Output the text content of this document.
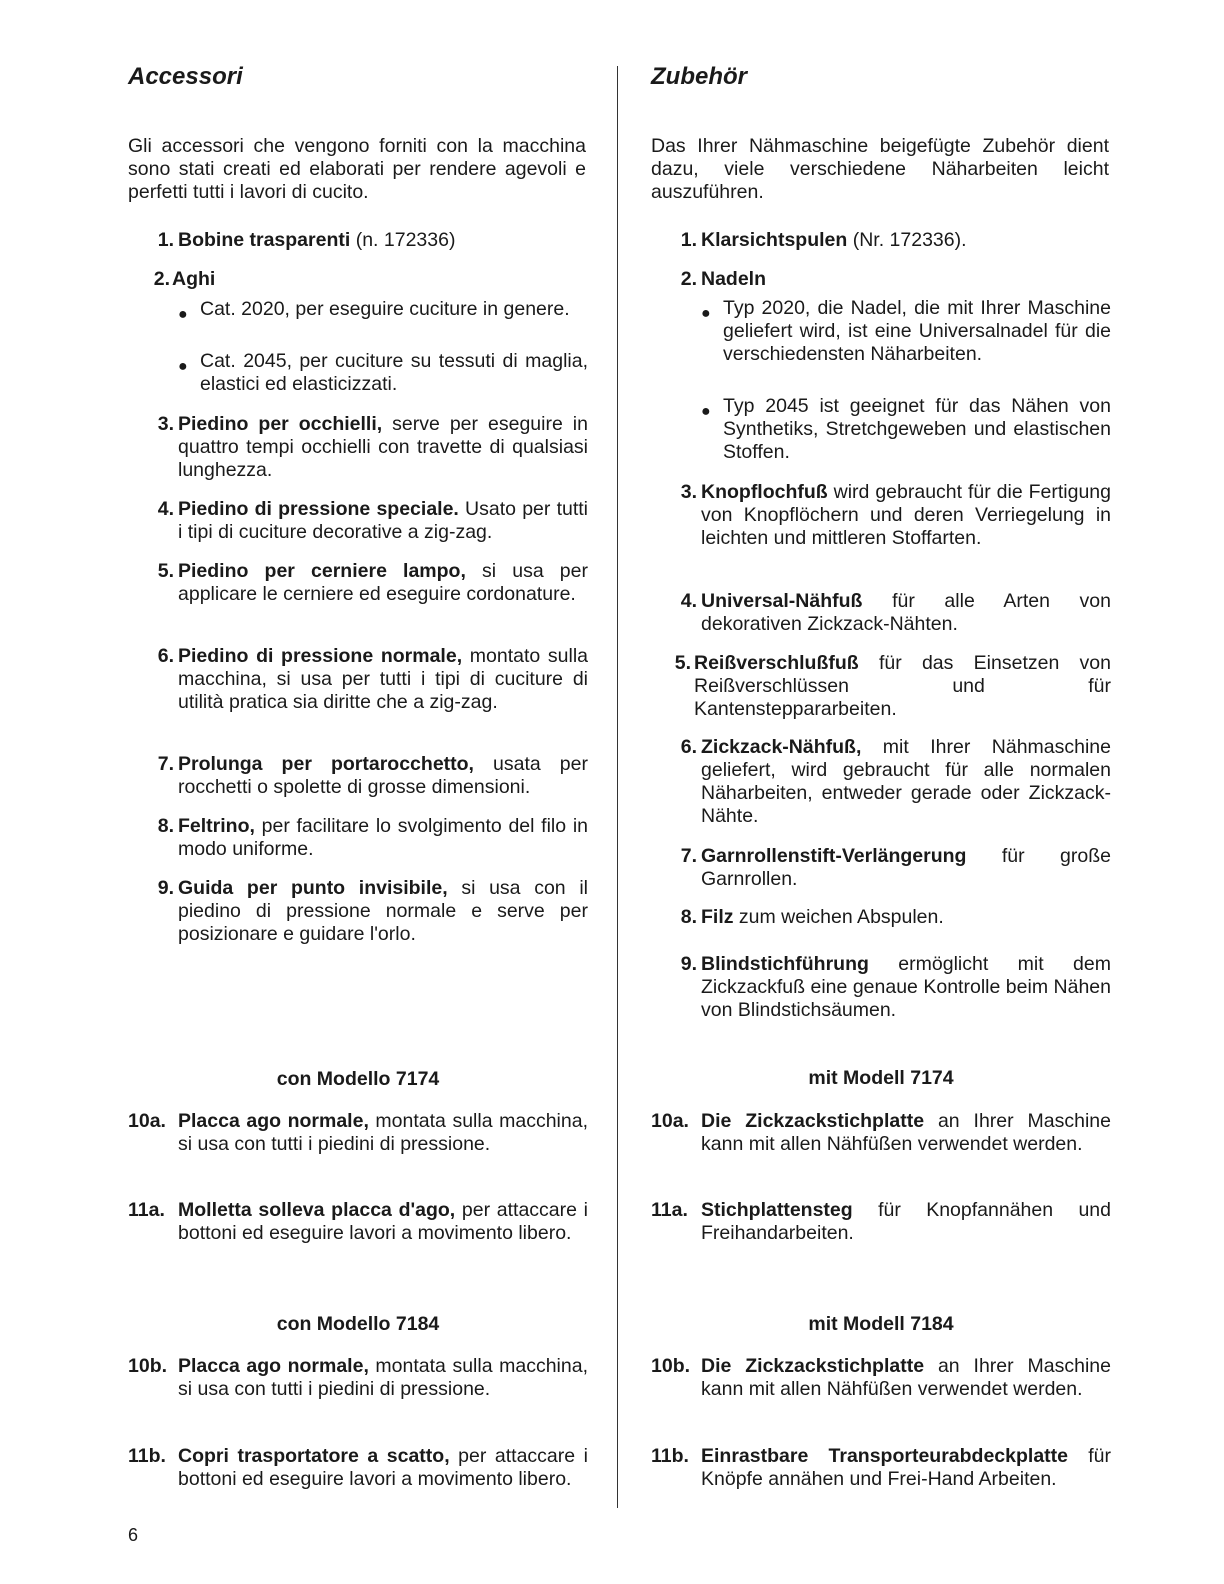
Accessori

Gli accessori che vengono forniti con la macchina sono stati creati ed elaborati per rendere agevoli e perfetti tutti i lavori di cucito.

1. Bobine trasparenti (n. 172336)
2. Aghi
● Cat. 2020, per eseguire cuciture in genere.
● Cat. 2045, per cuciture su tessuti di maglia, elastici ed elasticizzati.
3. Piedino per occhielli, serve per eseguire in quattro tempi occhielli con travette di qualsiasi lunghezza.
4. Piedino di pressione speciale. Usato per tutti i tipi di cuciture decorative a zig-zag.
5. Piedino per cerniere lampo, si usa per applicare le cerniere ed eseguire cordonature.
6. Piedino di pressione normale, montato sulla macchina, si usa per tutti i tipi di cuciture di utilità pratica sia diritte che a zig-zag.
7. Prolunga per portarocchetto, usata per rocchetti o spolette di grosse dimensioni.
8. Feltrino, per facilitare lo svolgimento del filo in modo uniforme.
9. Guida per punto invisibile, si usa con il piedino di pressione normale e serve per posizionare e guidare l'orlo.
con Modello 7174
10a. Placca ago normale, montata sulla macchina, si usa con tutti i piedini di pressione.
11a. Molletta solleva placca d'ago, per attaccare i bottoni ed eseguire lavori a movimento libero.
con Modello 7184
10b. Placca ago normale, montata sulla macchina, si usa con tutti i piedini di pressione.
11b. Copri trasportatore a scatto, per attaccare i bottoni ed eseguire lavori a movimento libero.
Zubehör

Das Ihrer Nähmaschine beigefügte Zubehör dient dazu, viele verschiedene Näharbeiten leicht auszuführen.

1. Klarsichtspulen (Nr. 172336).
2. Nadeln
● Typ 2020, die Nadel, die mit Ihrer Maschine geliefert wird, ist eine Universalnadel für die verschiedensten Näharbeiten.
● Typ 2045 ist geeignet für das Nähen von Synthetiks, Stretchgeweben und elastischen Stoffen.
3. Knopflochfuß wird gebraucht für die Fertigung von Knopflöchern und deren Verriegelung in leichten und mittleren Stoffarten.
4. Universal-Nähfuß für alle Arten von dekorativen Zickzack-Nähten.
5. Reißverschlußfuß für das Einsetzen von Reißverschlüssen und für Kantensteppararbeiten.
6. Zickzack-Nähfuß, mit Ihrer Nähmaschine geliefert, wird gebraucht für alle normalen Näharbeiten, entweder gerade oder Zickzack-Nähte.
7. Garnrollenstift-Verlängerung für große Garnrollen.
8. Filz zum weichen Abspulen.
9. Blindstichführung ermöglicht mit dem Zickzackfuß eine genaue Kontrolle beim Nähen von Blindstichsäumen.
mit Modell 7174
10a. Die Zickzackstichplatte an Ihrer Maschine kann mit allen Nähfüßen verwendet werden.
11a. Stichplattensteg für Knopfannähen und Freihandarbeiten.
mit Modell 7184
10b. Die Zickzackstichplatte an Ihrer Maschine kann mit allen Nähfüßen verwendet werden.
11b. Einrastbare Transporteurabdeckplatte für Knöpfe annähen und Frei-Hand Arbeiten.
6
